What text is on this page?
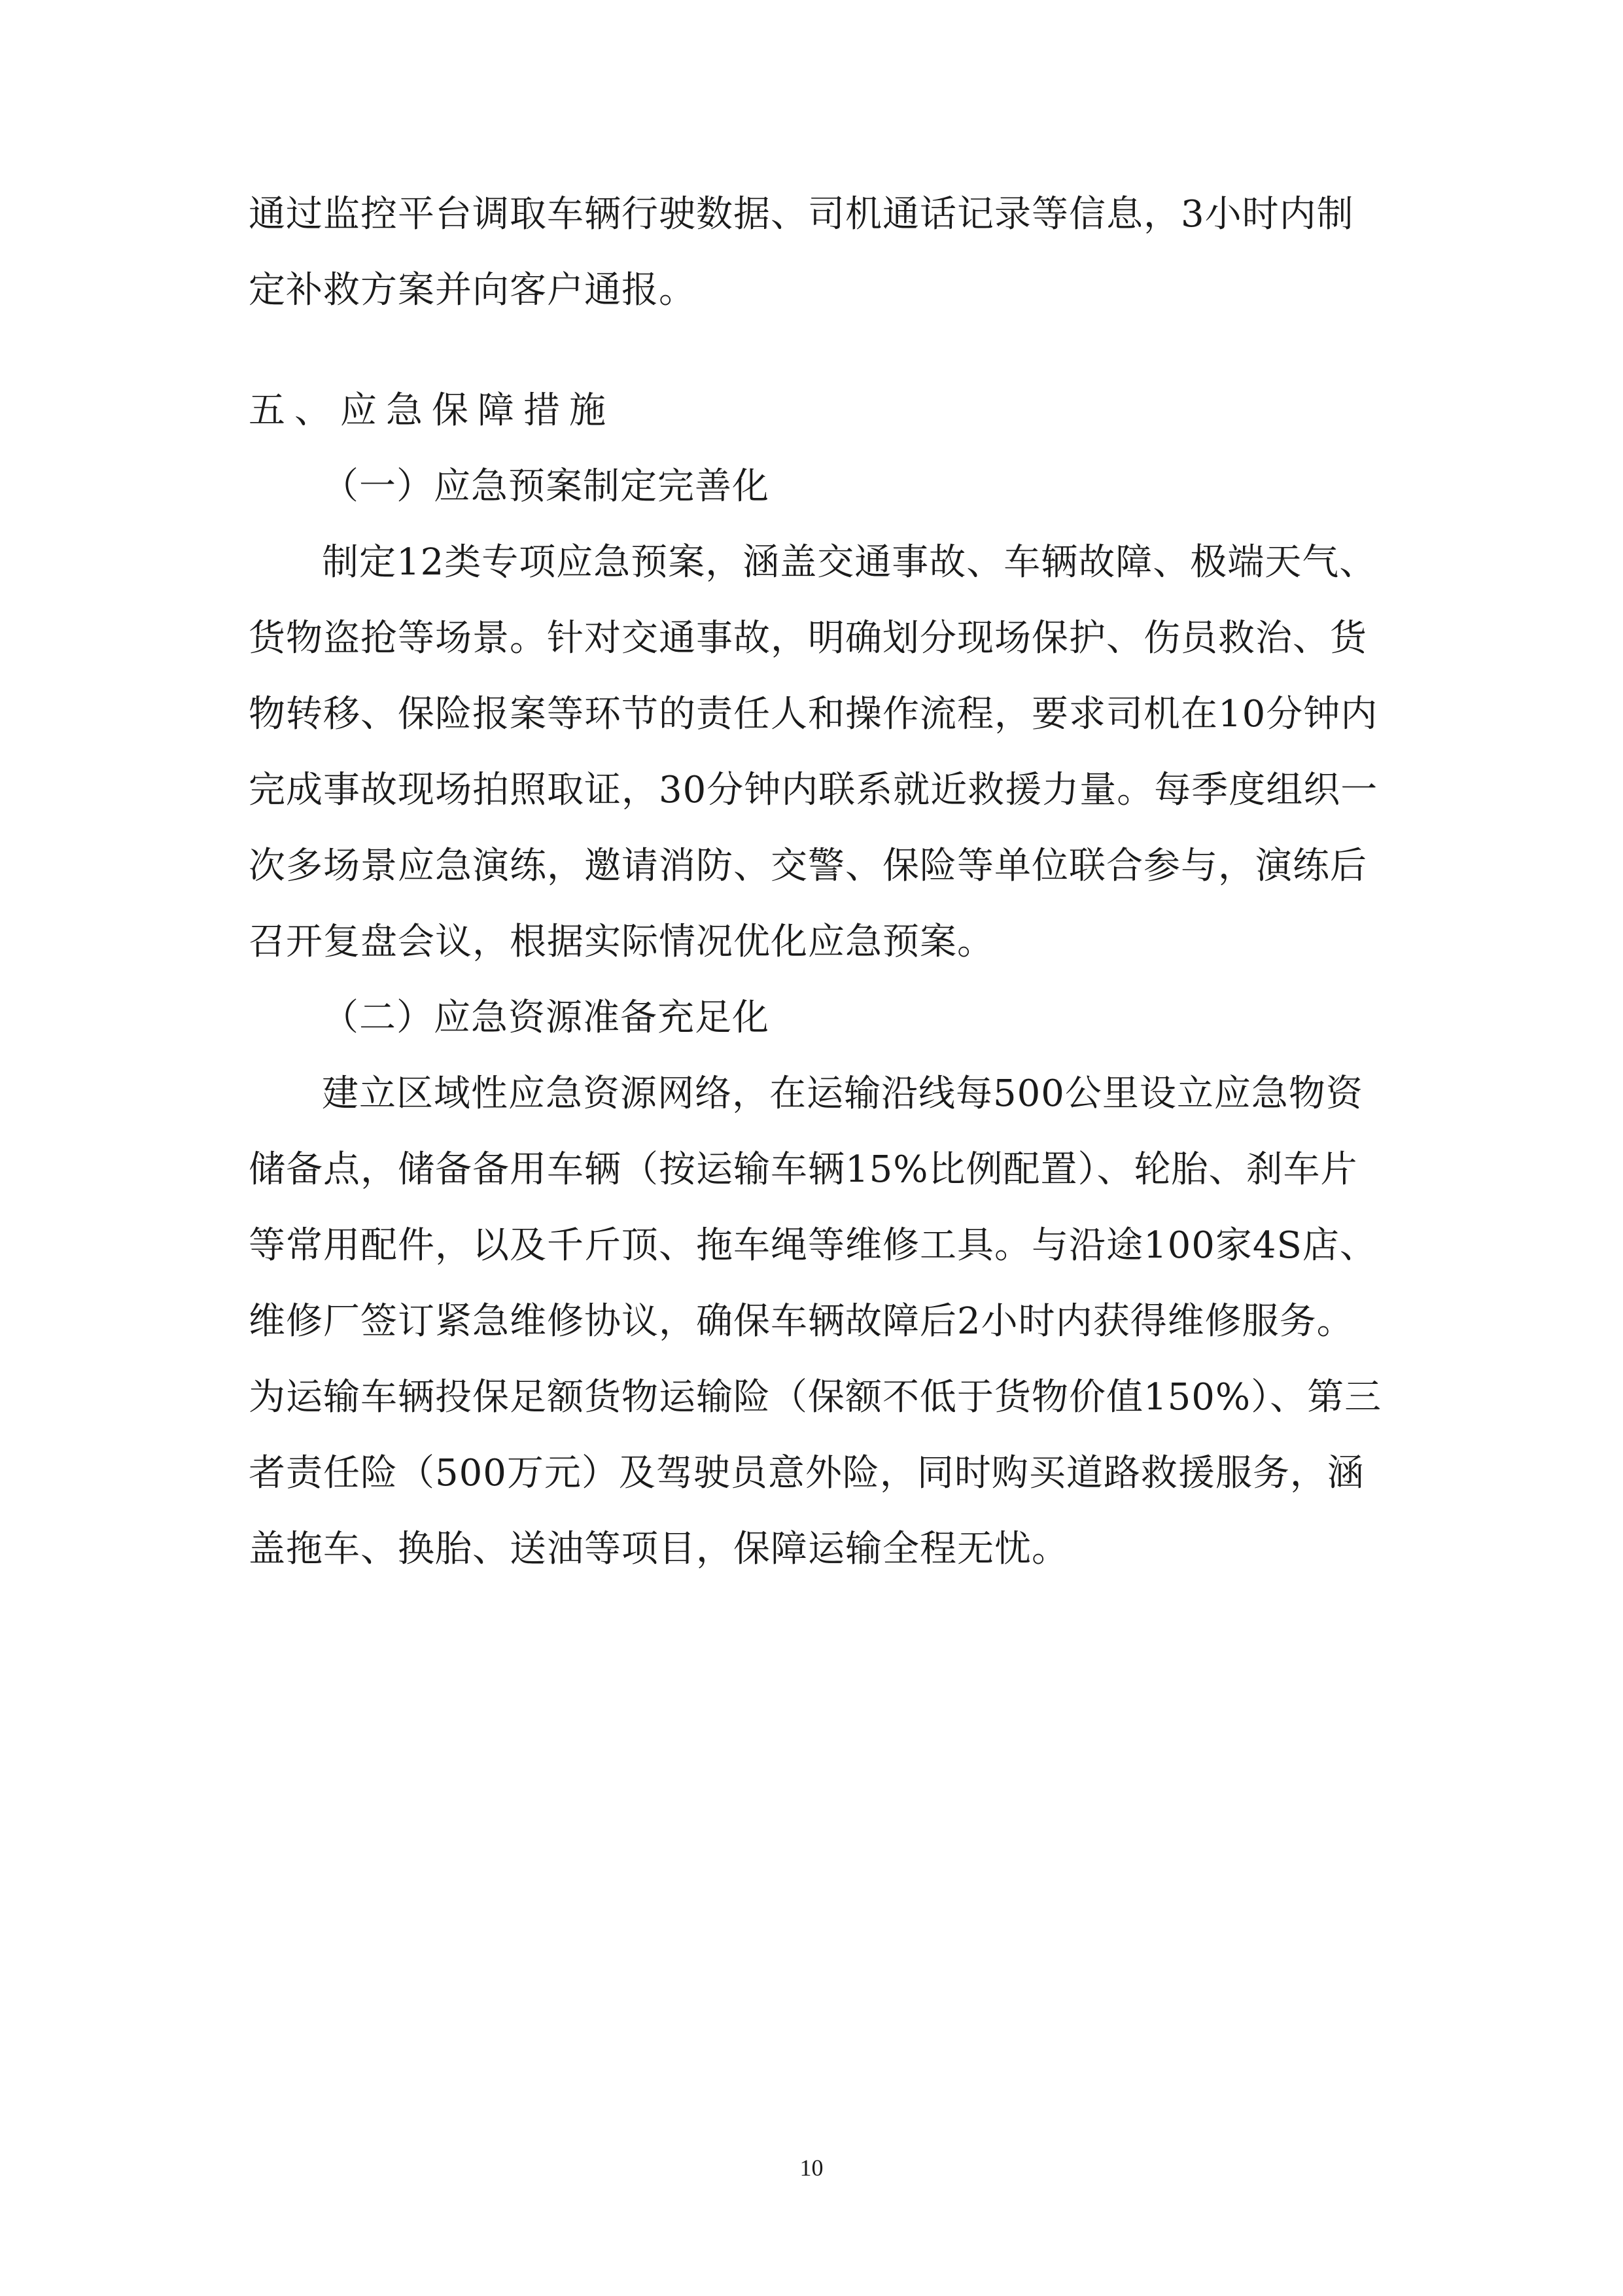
通过监控平台调取车辆行驶数据、司机通话记录等信息，3小时内制
定补救方案并向客户通报。
五、应急保障措施
（一）应急预案制定完善化
制定12类专项应急预案，涵盖交通事故、车辆故障、极端天气、
货物盗抢等场景。针对交通事故，明确划分现场保护、伤员救治、货
物转移、保险报案等环节的责任人和操作流程，要求司机在10分钟内
完成事故现场拍照取证，30分钟内联系就近救援力量。每季度组织一
次多场景应急演练，邀请消防、交警、保险等单位联合参与，演练后
召开复盘会议，根据实际情况优化应急预案。
（二）应急资源准备充足化
建立区域性应急资源网络，在运输沿线每500公里设立应急物资
储备点，储备备用车辆（按运输车辆15%比例配置）、轮胎、刹车片
等常用配件，以及千斤顶、拖车绳等维修工具。与沿途100家4S店、
维修厂签订紧急维修协议，确保车辆故障后2小时内获得维修服务。
为运输车辆投保足额货物运输险（保额不低于货物价值150%）、第三
者责任险（500万元）及驾驶员意外险，同时购买道路救援服务，涵
盖拖车、换胎、送油等项目，保障运输全程无忧。
10
